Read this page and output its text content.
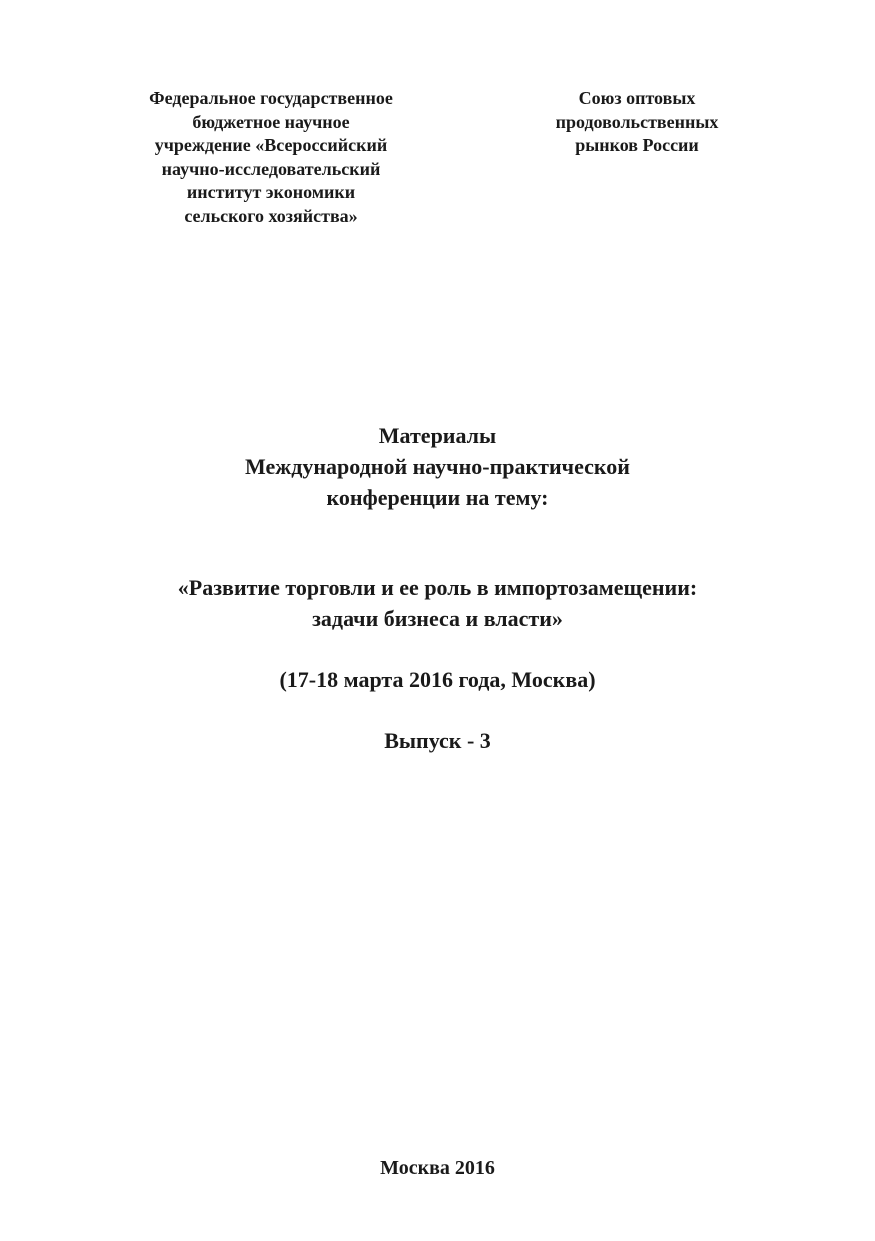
Федеральное государственное
бюджетное научное
учреждение «Всероссийский
научно-исследовательский
институт экономики
сельского хозяйства»
Союз оптовых
продовольственных
рынков России
Материалы
Международной научно-практической
конференции на тему:
«Развитие торговли и ее роль в импортозамещении:
задачи бизнеса и власти»
(17-18 марта 2016 года, Москва)
Выпуск - 3
Москва 2016
